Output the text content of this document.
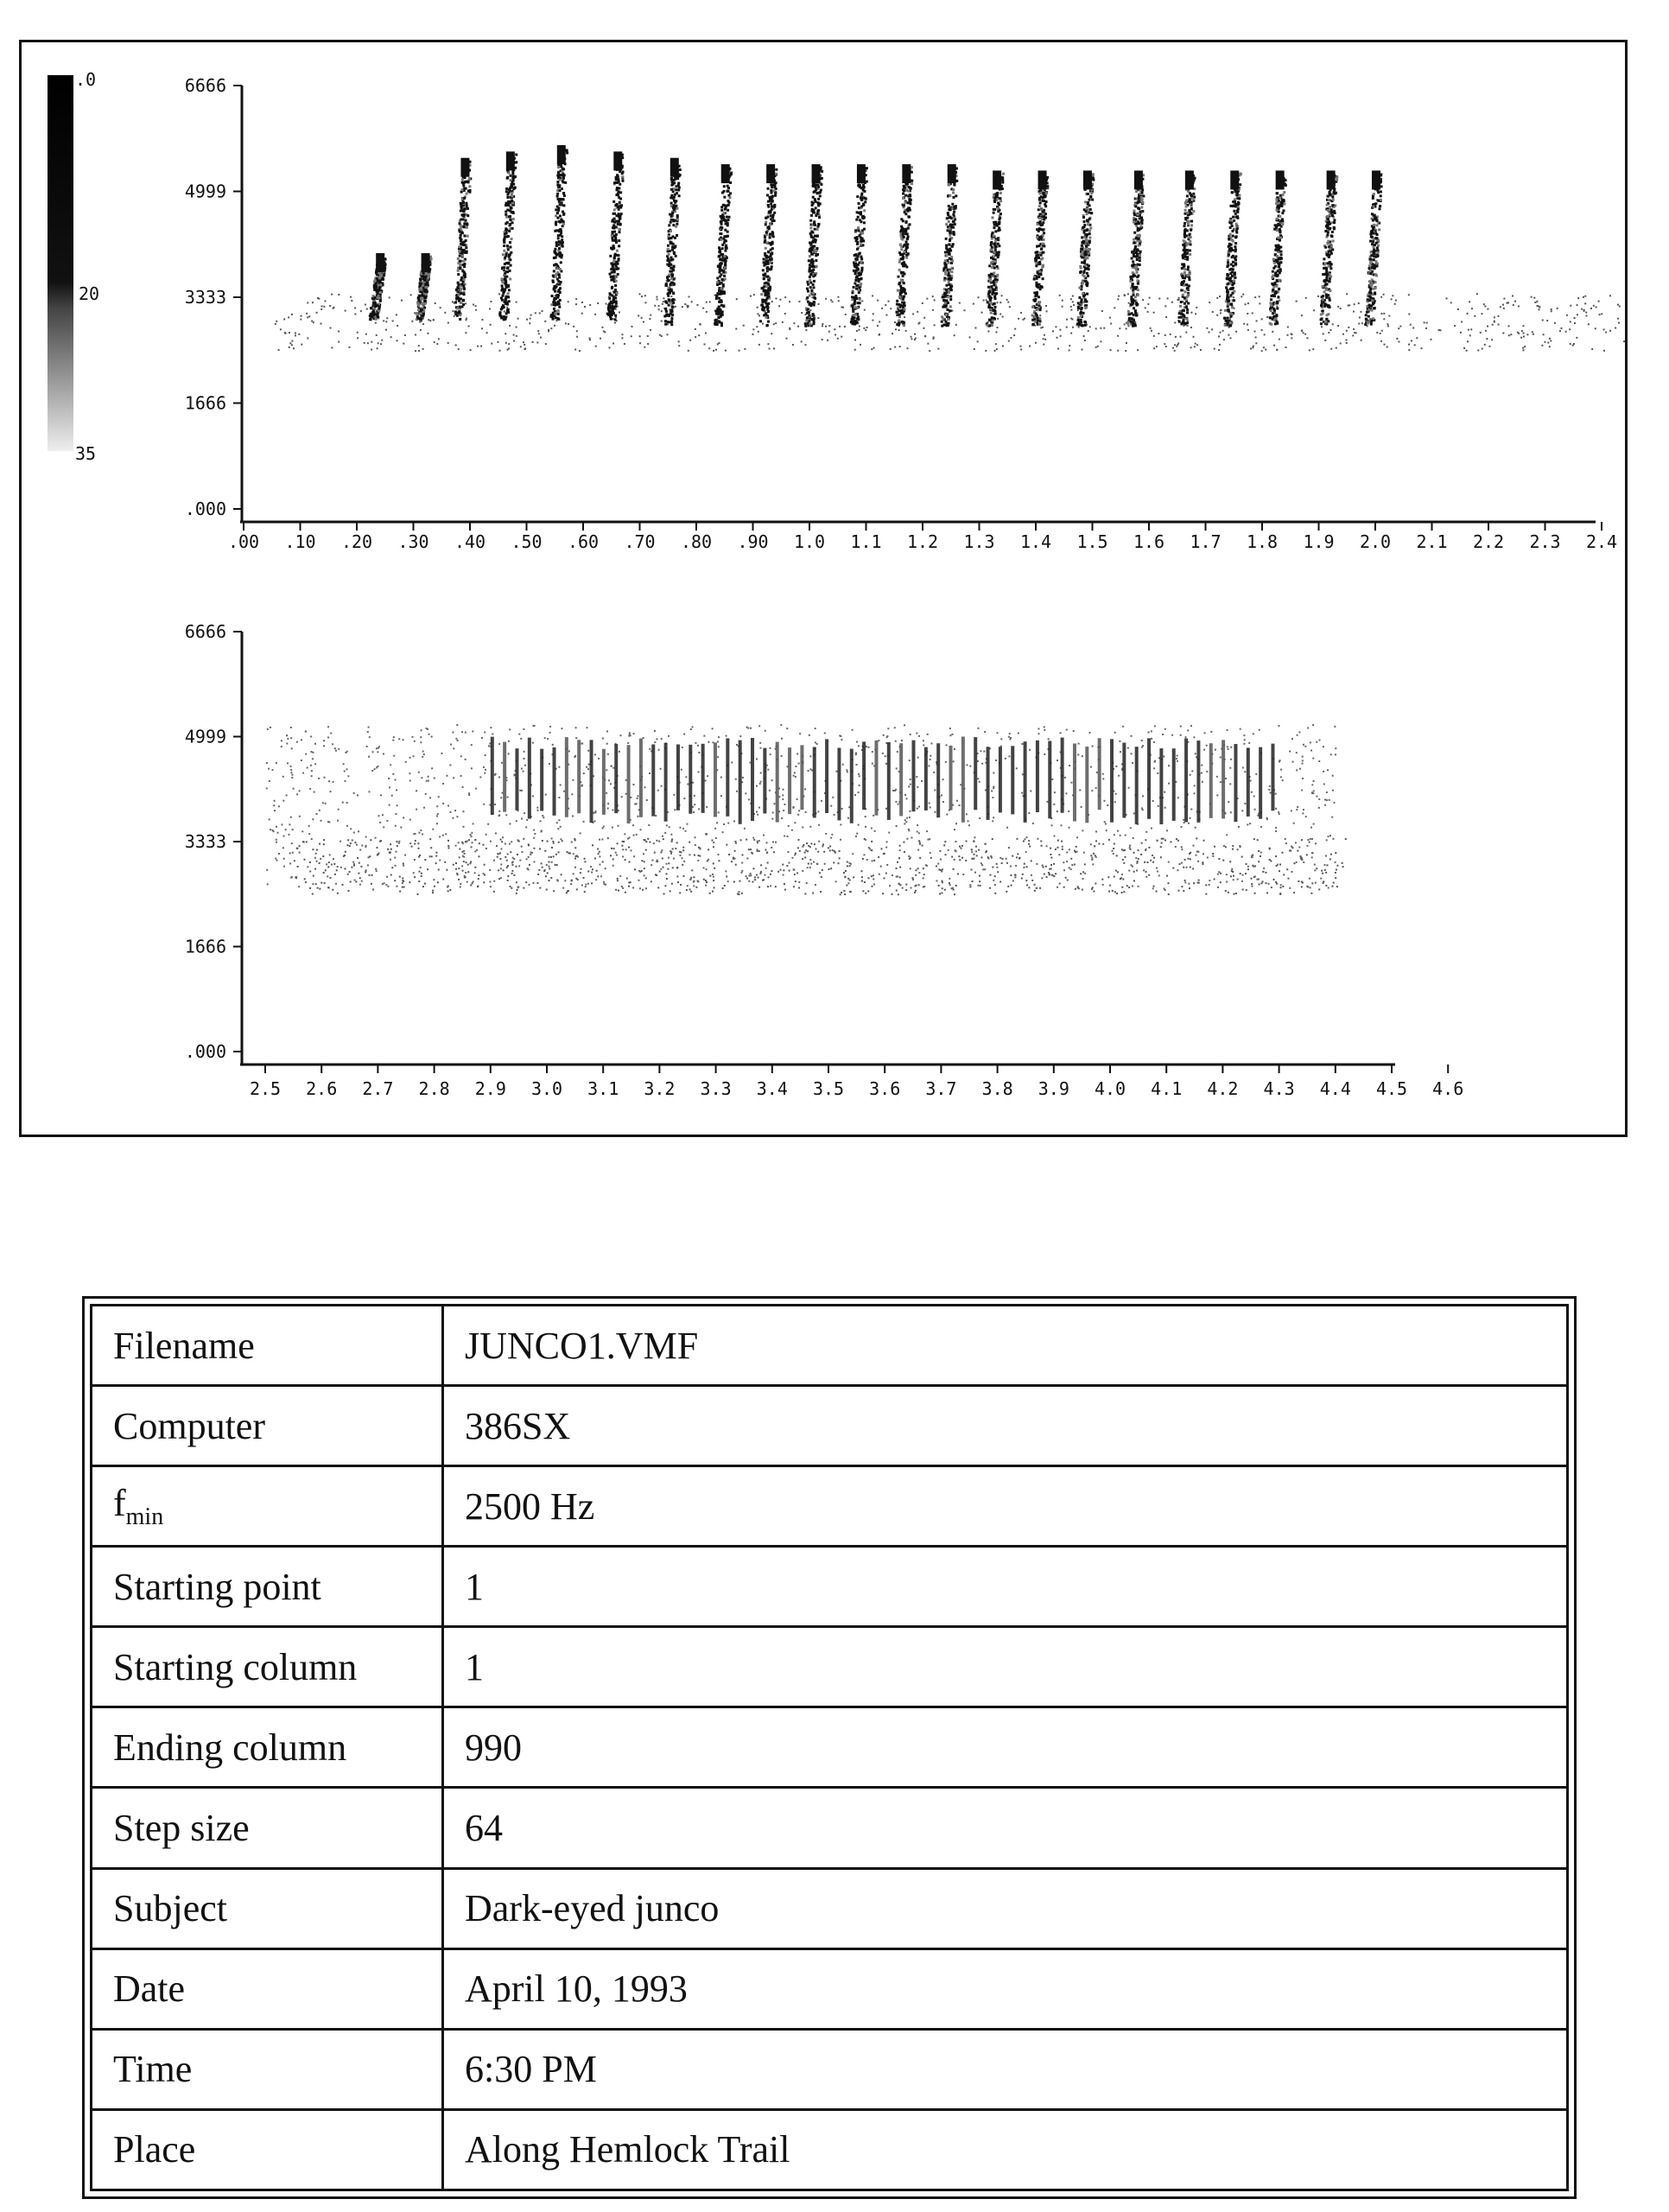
.0
20
35
6666
4999
3333
1666
.000
.00 .10 .20 .30 .40 .50 .60 .70 .80 .90 1.0 1.1 1.2 1.3 1.4 1.5 1.6 1.7 1.8 1.9 2.0 2.1 2.2 2.3 2.4
6666
4999
3333
1666
.000
2.5 2.6 2.7 2.8 2.9 3.0 3.1 3.2 3.3 3.4 3.5 3.6 3.7 3.8 3.9 4.0 4.1 4.2 4.3 4.4 4.5 4.6
Filename	JUNCO1.VMF
Computer	386SX
$f_{min}$	2500 Hz
Starting point	1
Starting column	1
Ending column	990
Step size	64
Subject	Dark-eyed junco
Date	April 10, 1993
Time	6:30 PM
Place	Along Hemlock Trail
